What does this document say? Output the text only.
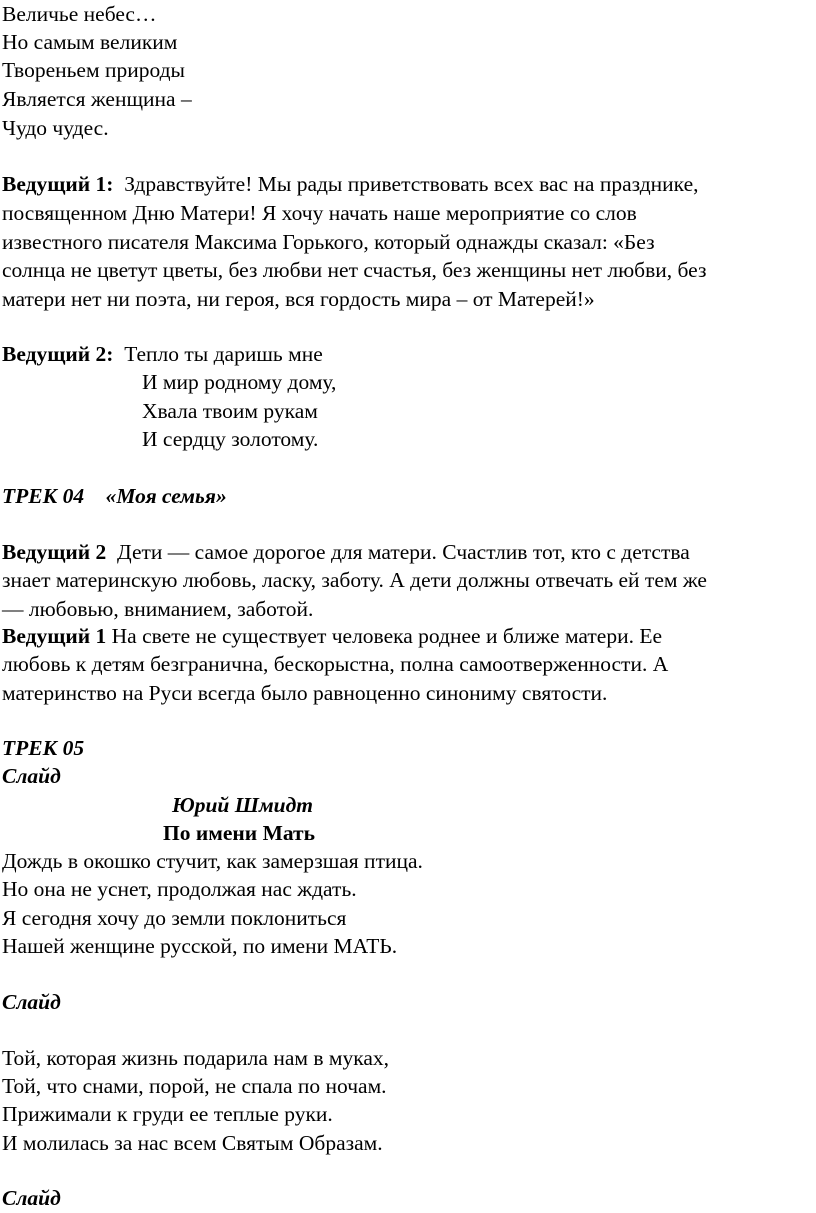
Величье небес…
Но самым великим
Твореньем природы
Является женщина –
Чудо чудес.
Ведущий 1: Здравствуйте! Мы рады приветствовать всех вас на празднике,
посвященном Дню Матери! Я хочу начать наше мероприятие со слов
известного писателя Максима Горького, который однажды сказал: «Без
солнца не цветут цветы, без любви нет счастья, без женщины нет любви, без
матери нет ни поэта, ни героя, вся гордость мира – от Матерей!»
Ведущий 2: Тепло ты даришь мне
И мир родному дому,
Хвала твоим рукам
И сердцу золотому.
ТРЕК 04    «Моя семья»
Ведущий 2 Дети — самое дорогое для матери. Счастлив тот, кто с детства
знает материнскую любовь, ласку, заботу. А дети должны отвечать ей тем же
— любовью, вниманием, заботой.
Ведущий 1 На свете не существует человека роднее и ближе матери. Ее
любовь к детям безгранична, бескорыстна, полна самоотверженности. А
материнство на Руси всегда было равноценно синониму святости.
ТРЕК 05
Слайд
Юрий Шмидт
По имени Мать
Дождь в окошко стучит, как замерзшая птица.
Но она не уснет, продолжая нас ждать.
Я сегодня хочу до земли поклониться
Нашей женщине русской, по имени МАТЬ.
Слайд
Той, которая жизнь подарила нам в муках,
Той, что снами, порой, не спала по ночам.
Прижимали к груди ее теплые руки.
И молилась за нас всем Святым Образам.
Слайд
